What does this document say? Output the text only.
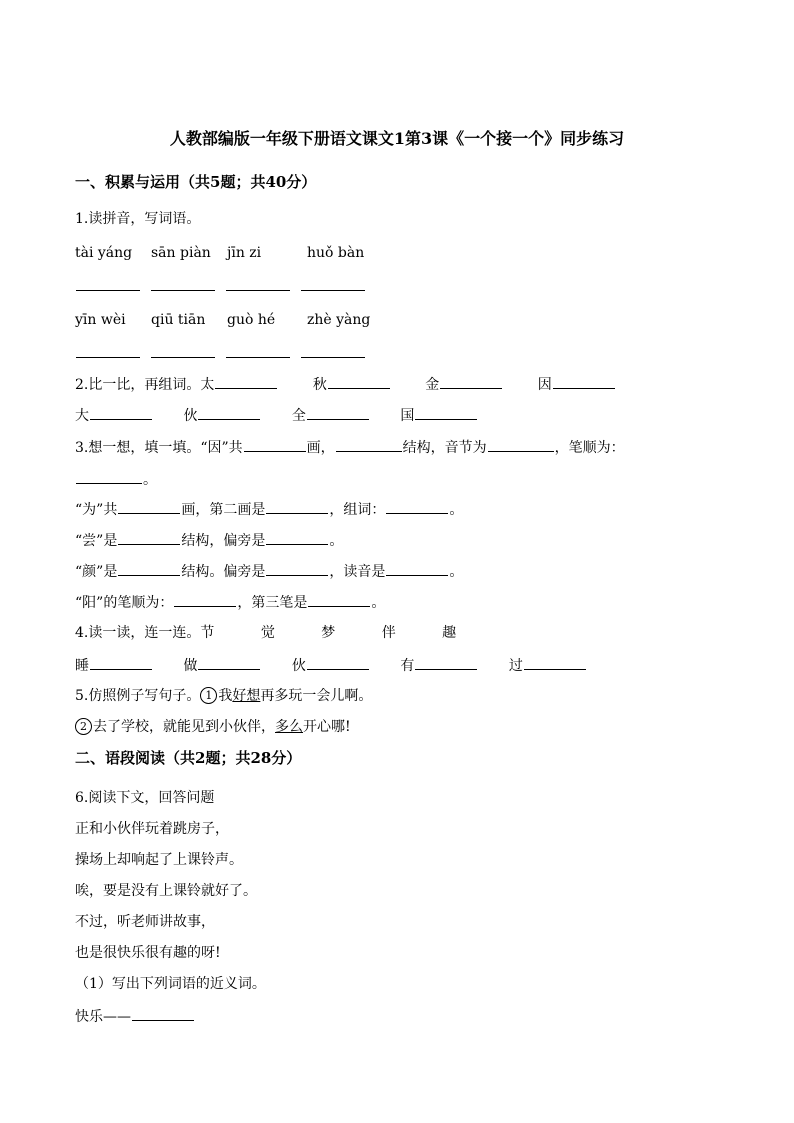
人教部编版一年级下册语文课文1第3课《一个接一个》同步练习
一、积累与运用（共5题；共40分）
1.读拼音，写词语。
tài yáng sān piàn jīn zi	huǒ bàn
yīn wèi qiū tiān guò hé zhè yàng
2.比一比，再组词。太	秋	金	因
大	伙	全	国
3.想一想，填一填。“因”共	画，	结构，音节为	，笔顺为：
。
“为”共	画，第二画是	，组词：	。
“尝”是	结构，偏旁是	。
“颜”是	结构。偏旁是	，读音是	。
“阳”的笔顺为：	，第三笔是	。
4.读一读，连一连。节	觉	梦	伴	趣
睡	做	伙	有	过
5.仿照例子写句子。 1 我好想再多玩一会儿啊。
2 去了学校，就能见到小伙伴，多么开心哪!
二、语段阅读（共2题；共28分）
6.阅读下文，回答问题
正和小伙伴玩着跳房子，
操场上却响起了上课铃声。
唉，要是没有上课铃就好了。
不过，听老师讲故事，
也是很快乐很有趣的呀!
（1）写出下列词语的近义词。
快乐——
